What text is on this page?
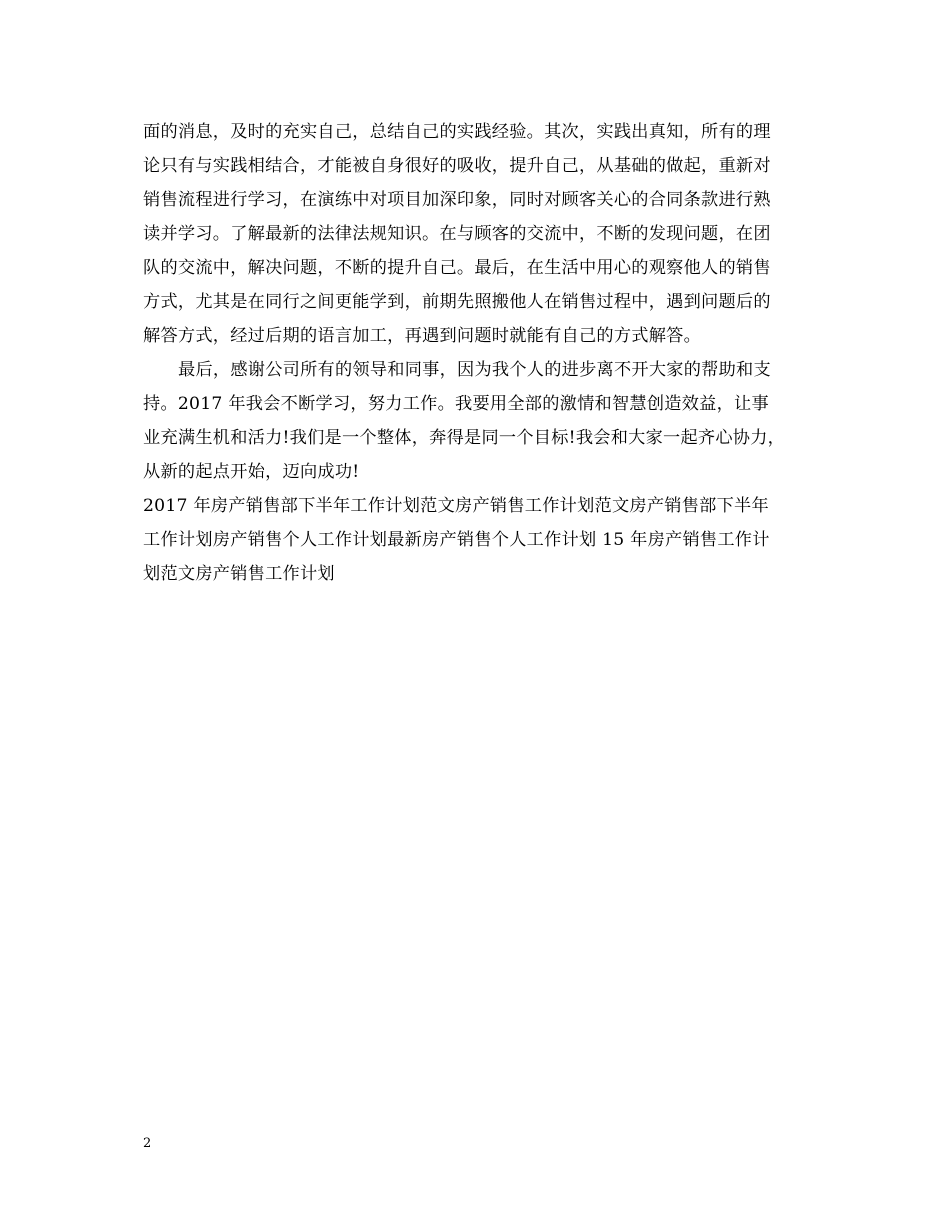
面的消息，及时的充实自己，总结自己的实践经验。其次，实践出真知，所有的理
论只有与实践相结合，才能被自身很好的吸收，提升自己，从基础的做起，重新对
销售流程进行学习，在演练中对项目加深印象，同时对顾客关心的合同条款进行熟
读并学习。了解最新的法律法规知识。在与顾客的交流中，不断的发现问题，在团
队的交流中，解决问题，不断的提升自己。最后，在生活中用心的观察他人的销售
方式，尤其是在同行之间更能学到，前期先照搬他人在销售过程中，遇到问题后的
解答方式，经过后期的语言加工，再遇到问题时就能有自己的方式解答。
最后，感谢公司所有的领导和同事，因为我个人的进步离不开大家的帮助和支
持。2017 年我会不断学习，努力工作。我要用全部的激情和智慧创造效益，让事
业充满生机和活力!我们是一个整体，奔得是同一个目标!我会和大家一起齐心协力，
从新的起点开始，迈向成功!
2017 年房产销售部下半年工作计划范文房产销售工作计划范文房产销售部下半年
工作计划房产销售个人工作计划最新房产销售个人工作计划 15 年房产销售工作计
划范文房产销售工作计划
2
